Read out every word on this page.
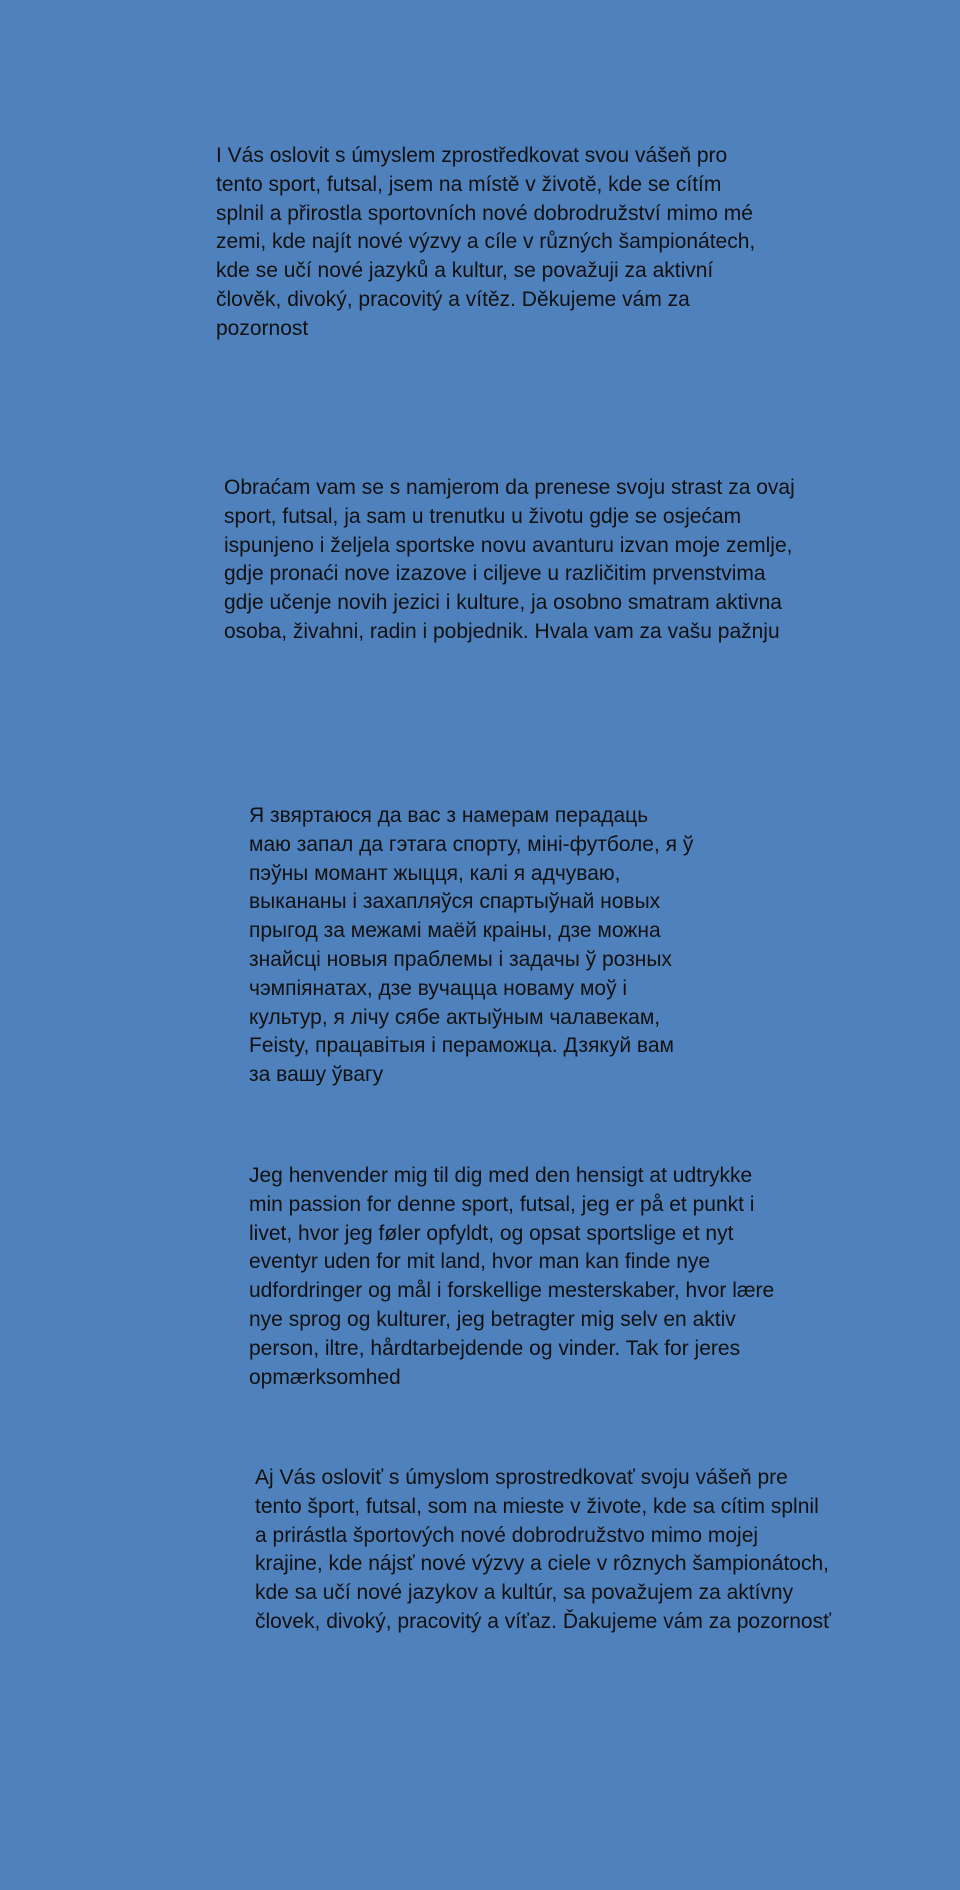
I Vás oslovit s úmyslem zprostředkovat svou vášeň pro
tento sport, futsal, jsem na místě v životě, kde se cítím
splnil a přirostla sportovních nové dobrodružství mimo mé
zemi, kde najít nové výzvy a cíle v různých šampionátech,
kde se učí nové jazyků a kultur, se považuji za aktivní
člověk, divoký, pracovitý a vítěz. Děkujeme vám za
pozornost

Obraćam vam se s namjerom da prenese svoju strast za ovaj
sport, futsal, ja sam u trenutku u životu gdje se osjećam
ispunjeno i željela sportske novu avanturu izvan moje zemlje,
gdje pronaći nove izazove i ciljeve u različitim prvenstvima
gdje učenje novih jezici i kulture, ja osobno smatram aktivna
osoba, živahni, radin i pobjednik. Hvala vam za vašu pažnju

Я звяртаюся да вас з намерам перадаць
маю запал да гэтага спорту, міні-футболе, я ў
пэўны момант жыцця, калі я адчуваю,
выкананы і захапляўся спартыўнай новых
прыгод за межамі маёй краіны, дзе можна
знайсці новыя праблемы і задачы ў розных
чэмпіянатах, дзе вучацца новаму моў і
культур, я лічу сябе актыўным чалавекам,
Feisty, працавітыя і пераможца. Дзякуй вам
за вашу ўвагу

Jeg henvender mig til dig med den hensigt at udtrykke
min passion for denne sport, futsal, jeg er på et punkt i
livet, hvor jeg føler opfyldt, og opsat sportslige et nyt
eventyr uden for mit land, hvor man kan finde nye
udfordringer og mål i forskellige mesterskaber, hvor lære
nye sprog og kulturer, jeg betragter mig selv en aktiv
person, iltre, hårdtarbejdende og vinder. Tak for jeres
opmærksomhed

Aj Vás osloviť s úmyslom sprostredkovať svoju vášeň pre
tento šport, futsal, som na mieste v živote, kde sa cítim splnil
a prirástla športových nové dobrodružstvo mimo mojej
krajine, kde nájsť nové výzvy a ciele v rôznych šampionátoch,
kde sa učí nové jazykov a kultúr, sa považujem za aktívny
človek, divoký, pracovitý a víťaz. Ďakujeme vám za pozornosť
